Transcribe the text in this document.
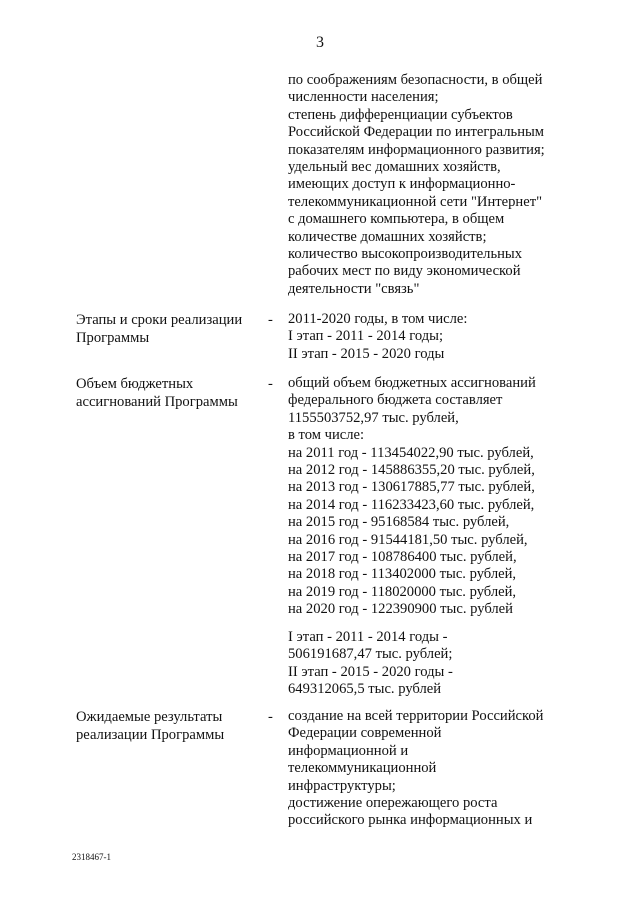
3
по соображениям безопасности, в общей
численности населения;
степень дифференциации субъектов
Российской Федерации по интегральным
показателям информационного развития;
удельный вес домашних хозяйств,
имеющих доступ к информационно-
телекоммуникационной сети "Интернет"
с домашнего компьютера, в общем
количестве домашних хозяйств;
количество высокопроизводительных
рабочих мест по виду экономической
деятельности "связь"
Этапы и сроки реализации
Программы
- 2011-2020 годы, в том числе:
I этап - 2011 - 2014 годы;
II этап - 2015 - 2020 годы
Объем бюджетных
ассигнований Программы
- общий объем бюджетных ассигнований
федерального бюджета составляет
1155503752,97 тыс. рублей,
в том числе:
на 2011 год - 113454022,90 тыс. рублей,
на 2012 год - 145886355,20 тыс. рублей,
на 2013 год - 130617885,77 тыс. рублей,
на 2014 год - 116233423,60 тыс. рублей,
на 2015 год - 95168584 тыс. рублей,
на 2016 год - 91544181,50 тыс. рублей,
на 2017 год - 108786400 тыс. рублей,
на 2018 год - 113402000 тыс. рублей,
на 2019 год - 118020000 тыс. рублей,
на 2020 год - 122390900 тыс. рублей
I этап - 2011 - 2014 годы -
506191687,47 тыс. рублей;
II этап - 2015 - 2020 годы -
649312065,5 тыс. рублей
Ожидаемые результаты
реализации Программы
- создание на всей территории Российской
Федерации современной
информационной и
телекоммуникационной
инфраструктуры;
достижение опережающего роста
российского рынка информационных и
2318467-1
